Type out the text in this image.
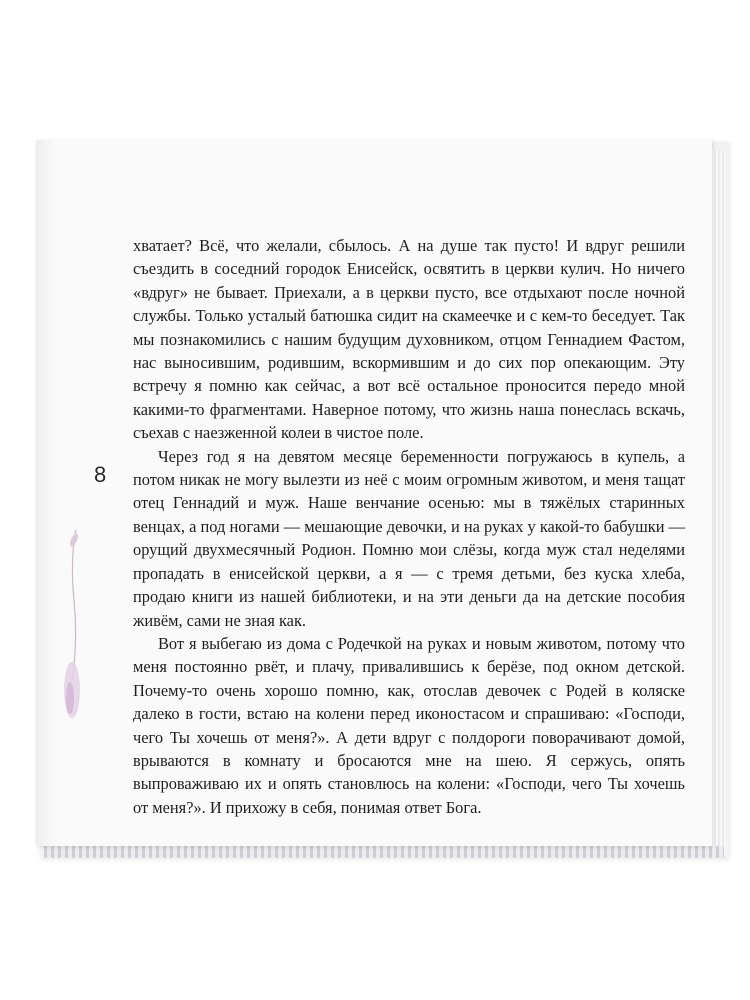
8

хватает? Всё, что желали, сбылось. А на душе так пусто! И вдруг решили съездить в соседний городок Енисейск, освятить в церкви кулич. Но ничего «вдруг» не бывает. Приехали, а в церкви пусто, все отдыхают после ночной службы. Только усталый батюшка сидит на скамеечке и с кем-то беседует. Так мы познакомились с нашим будущим духовником, отцом Геннадием Фастом, нас выносившим, родившим, вскормившим и до сих пор опекающим. Эту встречу я помню как сейчас, а вот всё остальное проносится передо мной какими-то фрагментами. Наверное потому, что жизнь наша понеслась вскачь, съехав с наезженной колеи в чистое поле.

Через год я на девятом месяце беременности погружаюсь в купель, а потом никак не могу вылезти из неё с моим огромным животом, и меня тащат отец Геннадий и муж. Наше венчание осенью: мы в тяжёлых старинных венцах, а под ногами — мешающие девочки, и на руках у какой-то бабушки — орущий двухмесячный Родион. Помню мои слёзы, когда муж стал неделями пропадать в енисейской церкви, а я — с тремя детьми, без куска хлеба, продаю книги из нашей библиотеки, и на эти деньги да на детские пособия живём, сами не зная как.

Вот я выбегаю из дома с Родечкой на руках и новым животом, потому что меня постоянно рвёт, и плачу, привалившись к берёзе, под окном детской. Почему-то очень хорошо помню, как, отослав девочек с Родей в коляске далеко в гости, встаю на колени перед иконостасом и спрашиваю: «Господи, чего Ты хочешь от меня?». А дети вдруг с полдороги поворачивают домой, врываются в комнату и бросаются мне на шею. Я сержусь, опять выпроваживаю их и опять становлюсь на колени: «Господи, чего Ты хочешь от меня?». И прихожу в себя, понимая ответ Бога.
